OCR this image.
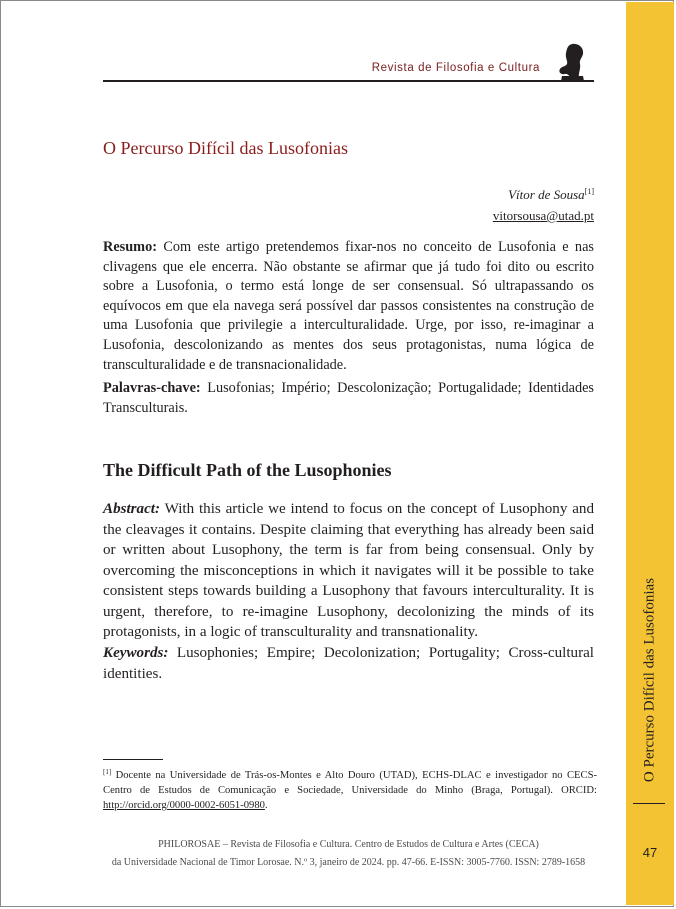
O Percurso Difícil das Lusofonias
47
Revista de Filosofia e Cultura
O Percurso Difícil das Lusofonias
Vítor de Sousa[1]
vitorsousa@utad.pt
Resumo: Com este artigo pretendemos fixar-nos no conceito de Lusofonia e nas clivagens que ele encerra. Não obstante se afirmar que já tudo foi dito ou escrito sobre a Lusofonia, o termo está longe de ser consensual. Só ultrapassando os equívocos em que ela navega será possível dar passos consistentes na construção de uma Lusofonia que privilegie a interculturalidade. Urge, por isso, re-imaginar a Lusofonia, descolonizando as mentes dos seus protagonistas, numa lógica de transculturalidade e de transnacionalidade.
Palavras-chave: Lusofonias; Império; Descolonização; Portugalidade; Identidades Transculturais.
The Difficult Path of the Lusophonies
Abstract: With this article we intend to focus on the concept of Lusophony and the cleavages it contains. Despite claiming that everything has already been said or written about Lusophony, the term is far from being consensual. Only by overcoming the misconceptions in which it navigates will it be possible to take consistent steps towards building a Lusophony that favours interculturality. It is urgent, therefore, to re-imagine Lusophony, decolonizing the minds of its protagonists, in a logic of transculturality and transnationality.
Keywords: Lusophonies; Empire; Decolonization; Portugality; Cross-cultural identities.
[1] Docente na Universidade de Trás-os-Montes e Alto Douro (UTAD), ECHS-DLAC e investigador no CECS-Centro de Estudos de Comunicação e Sociedade, Universidade do Minho (Braga, Portugal). ORCID: http://orcid.org/0000-0002-6051-0980.
PHILOROSAE – Revista de Filosofia e Cultura. Centro de Estudos de Cultura e Artes (CECA)
da Universidade Nacional de Timor Lorosae. N.º 3, janeiro de 2024. pp. 47-66. E-ISSN: 3005-7760. ISSN: 2789-1658
